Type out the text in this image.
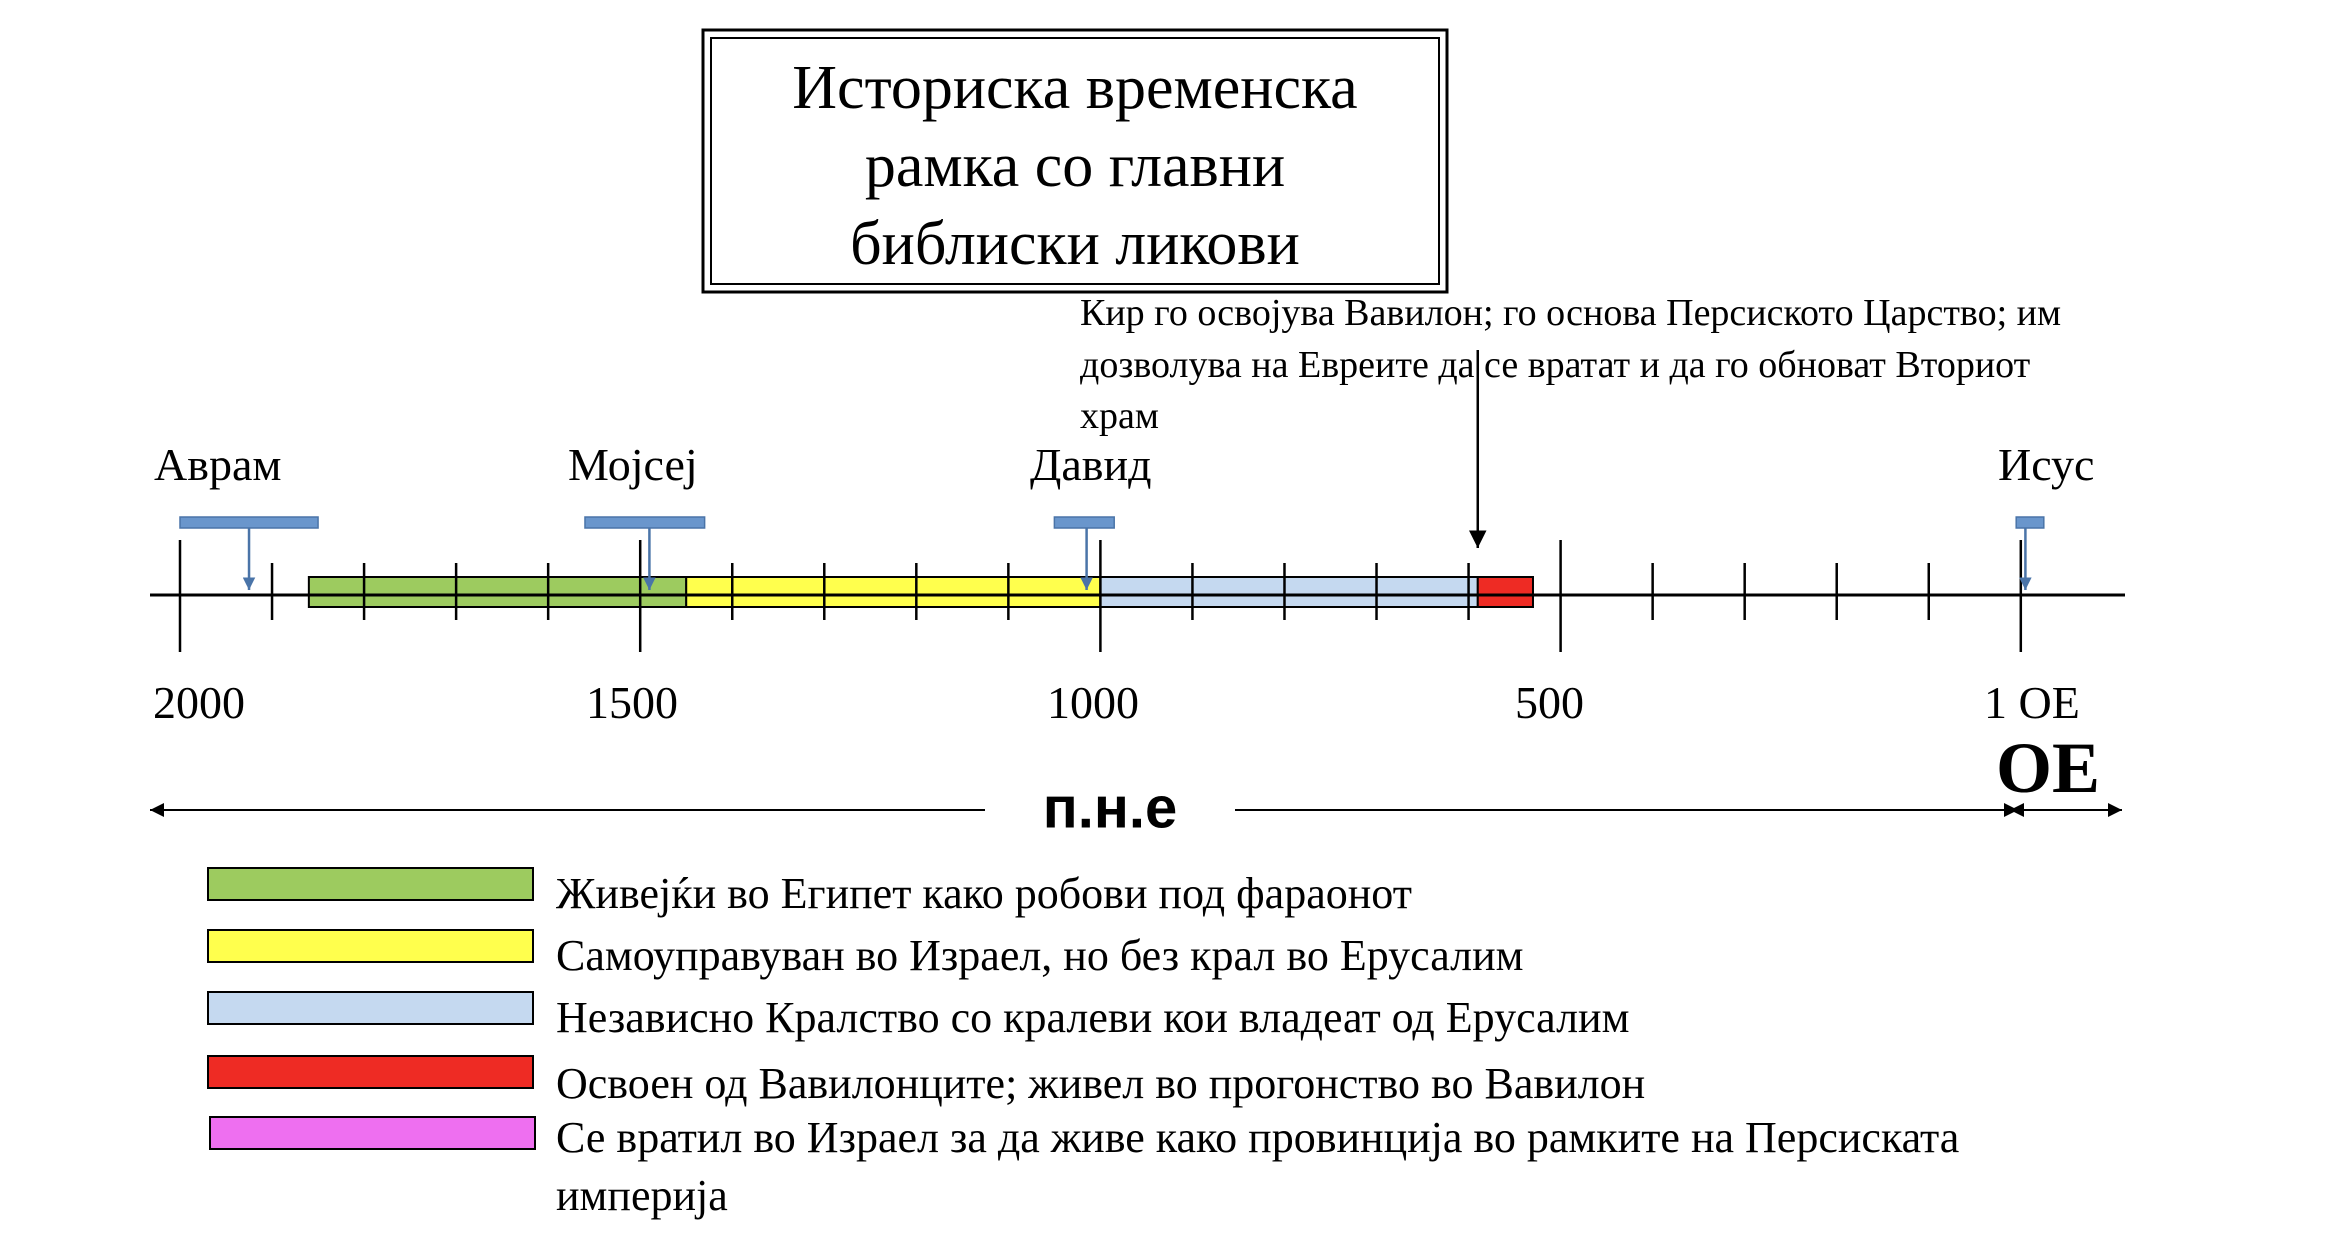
Историска временска
рамка со главни
библиски ликови
Кир го освојува Вавилон; го основа Персиското Царство; им
дозволува на Евреите да се вратат и да го обноват Вториот
храм
Аврам	Мојсеј	Давид	Исус
2000	1500	1000	500	1 ОЕ
п.н.е	ОЕ
Живејќи во Египет како робови под фараонот
Самоуправуван во Израел, но без крал во Ерусалим
Независно Кралство со кралеви кои владеат од Ерусалим
Освоен од Вавилонците; живел во прогонство во Вавилон
Се вратил во Израел за да живе како провинција во рамките на Персиската
империја
